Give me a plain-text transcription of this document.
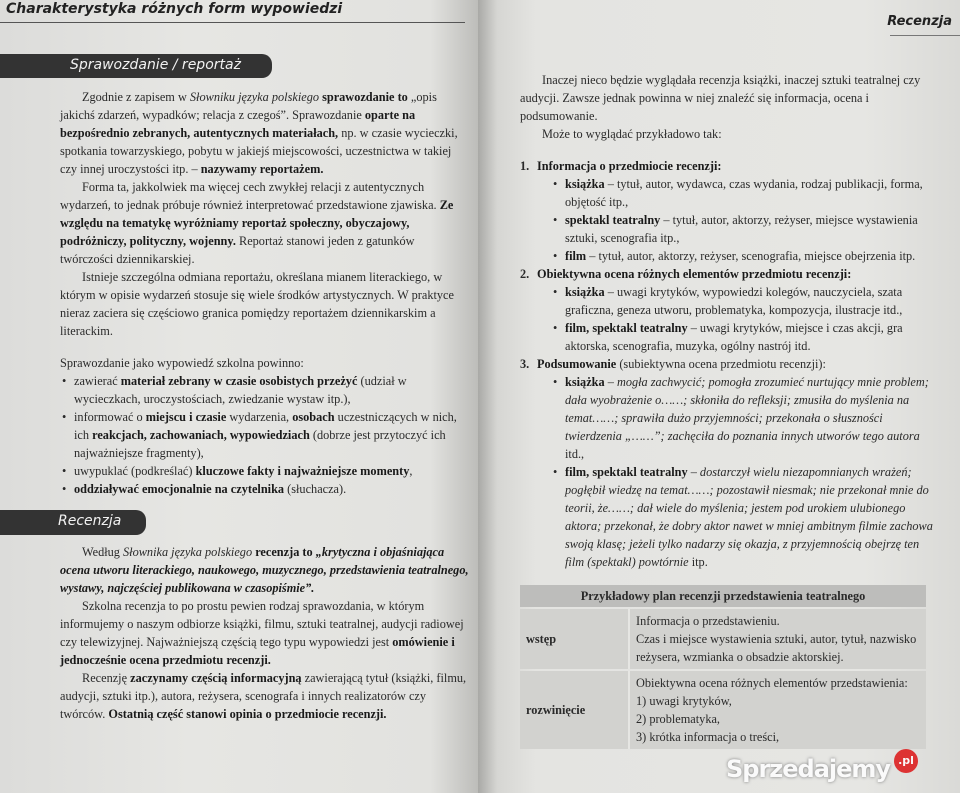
Charakterystyka różnych form wypowiedzi
Sprawozdanie / reportaż

Zgodnie z zapisem w Słowniku języka polskiego sprawozdanie to „opis jakichś zdarzeń, wypadków; relacja z czegoś”. Sprawozdanie oparte na bezpośrednio zebranych, autentycznych materiałach, np. w czasie wycieczki, spotkania towarzyskiego, pobytu w jakiejś miejscowości, uczestnictwa w takiej czy innej uroczystości itp. – nazywamy reportażem.

Forma ta, jakkolwiek ma więcej cech zwykłej relacji z autentycznych wydarzeń, to jednak próbuje również interpretować przedstawione zjawiska. Ze względu na tematykę wyróżniamy reportaż społeczny, obyczajowy, podróżniczy, polityczny, wojenny. Reportaż stanowi jeden z gatunków twórczości dziennikarskiej.

Istnieje szczególna odmiana reportażu, określana mianem literackiego, w którym w opisie wydarzeń stosuje się wiele środków artystycznych. W praktyce nieraz zaciera się częściowo granica pomiędzy reportażem dziennikarskim a literackim.

Sprawozdanie jako wypowiedź szkolna powinno:

• zawierać materiał zebrany w czasie osobistych przeżyć (udział w wycieczkach, uroczystościach, zwiedzanie wystaw itp.),
• informować o miejscu i czasie wydarzenia, osobach uczestniczących w nich, ich reakcjach, zachowaniach, wypowiedziach (dobrze jest przytoczyć ich najważniejsze fragmenty),
• uwypuklać (podkreślać) kluczowe fakty i najważniejsze momenty,
• oddziaływać emocjonalnie na czytelnika (słuchacza).
Recenzja

Według Słownika języka polskiego recenzja to „krytyczna i objaśniająca ocena utworu literackiego, naukowego, muzycznego, przedstawienia teatralnego, wystawy, najczęściej publikowana w czasopiśmie”.

Szkolna recenzja to po prostu pewien rodzaj sprawozdania, w którym informujemy o naszym odbiorze książki, filmu, sztuki teatralnej, audycji radiowej czy telewizyjnej. Najważniejszą częścią tego typu wypowiedzi jest omówienie i jednocześnie ocena przedmiotu recenzji.

Recenzję zaczynamy częścią informacyjną zawierającą tytuł (książki, filmu, audycji, sztuki itp.), autora, reżysera, scenografa i innych realizatorów czy twórców. Ostatnią część stanowi opinia o przedmiocie recenzji.

Recenzja

Inaczej nieco będzie wyglądała recenzja książki, inaczej sztuki teatralnej czy audycji. Zawsze jednak powinna w niej znaleźć się informacja, ocena i podsumowanie.

Może to wyglądać przykładowo tak:

1. Informacja o przedmiocie recenzji:
• książka – tytuł, autor, wydawca, czas wydania, rodzaj publikacji, forma, objętość itp.,
• spektakl teatralny – tytuł, autor, aktorzy, reżyser, miejsce wystawienia sztuki, scenografia itp.,
• film – tytuł, autor, aktorzy, reżyser, scenografia, miejsce obejrzenia itp.
2. Obiektywna ocena różnych elementów przedmiotu recenzji:
• książka – uwagi krytyków, wypowiedzi kolegów, nauczyciela, szata graficzna, geneza utworu, problematyka, kompozycja, ilustracje itd.,
• film, spektakl teatralny – uwagi krytyków, miejsce i czas akcji, gra aktorska, scenografia, muzyka, ogólny nastrój itd.
3. Podsumowanie (subiektywna ocena przedmiotu recenzji):
• książka – mogła zachwycić; pomogła zrozumieć nurtujący mnie problem; dała wyobrażenie o……; skłoniła do refleksji; zmusiła do myślenia na temat……; sprawiła dużo przyjemności; przekonała o słuszności twierdzenia „……”; zachęciła do poznania innych utworów tego autora itd.,
• film, spektakl teatralny – dostarczył wielu niezapomnianych wrażeń; pogłębił wiedzę na temat……; pozostawił niesmak; nie przekonał mnie do teorii, że……; dał wiele do myślenia; jestem pod urokiem ulubionego aktora; przekonał, że dobry aktor nawet w mniej ambitnym filmie zachowa swoją klasę; jeżeli tylko nadarzy się okazja, z przyjemnością obejrzę ten film (spektakl) powtórnie itp.
Przykładowy plan recenzji przedstawienia teatralnego	
wstęp	Informacja o przedstawieniu.
Czas i miejsce wystawienia sztuki, autor, tytuł, nazwisko reżysera, wzmianka o obsadzie aktorskiej.

rozwinięcie	Obiektywna ocena różnych elementów przedstawienia:
1) uwagi krytyków,
2) problematyka,
3) krótka informacja o treści,
Sprzedajemy .pl
